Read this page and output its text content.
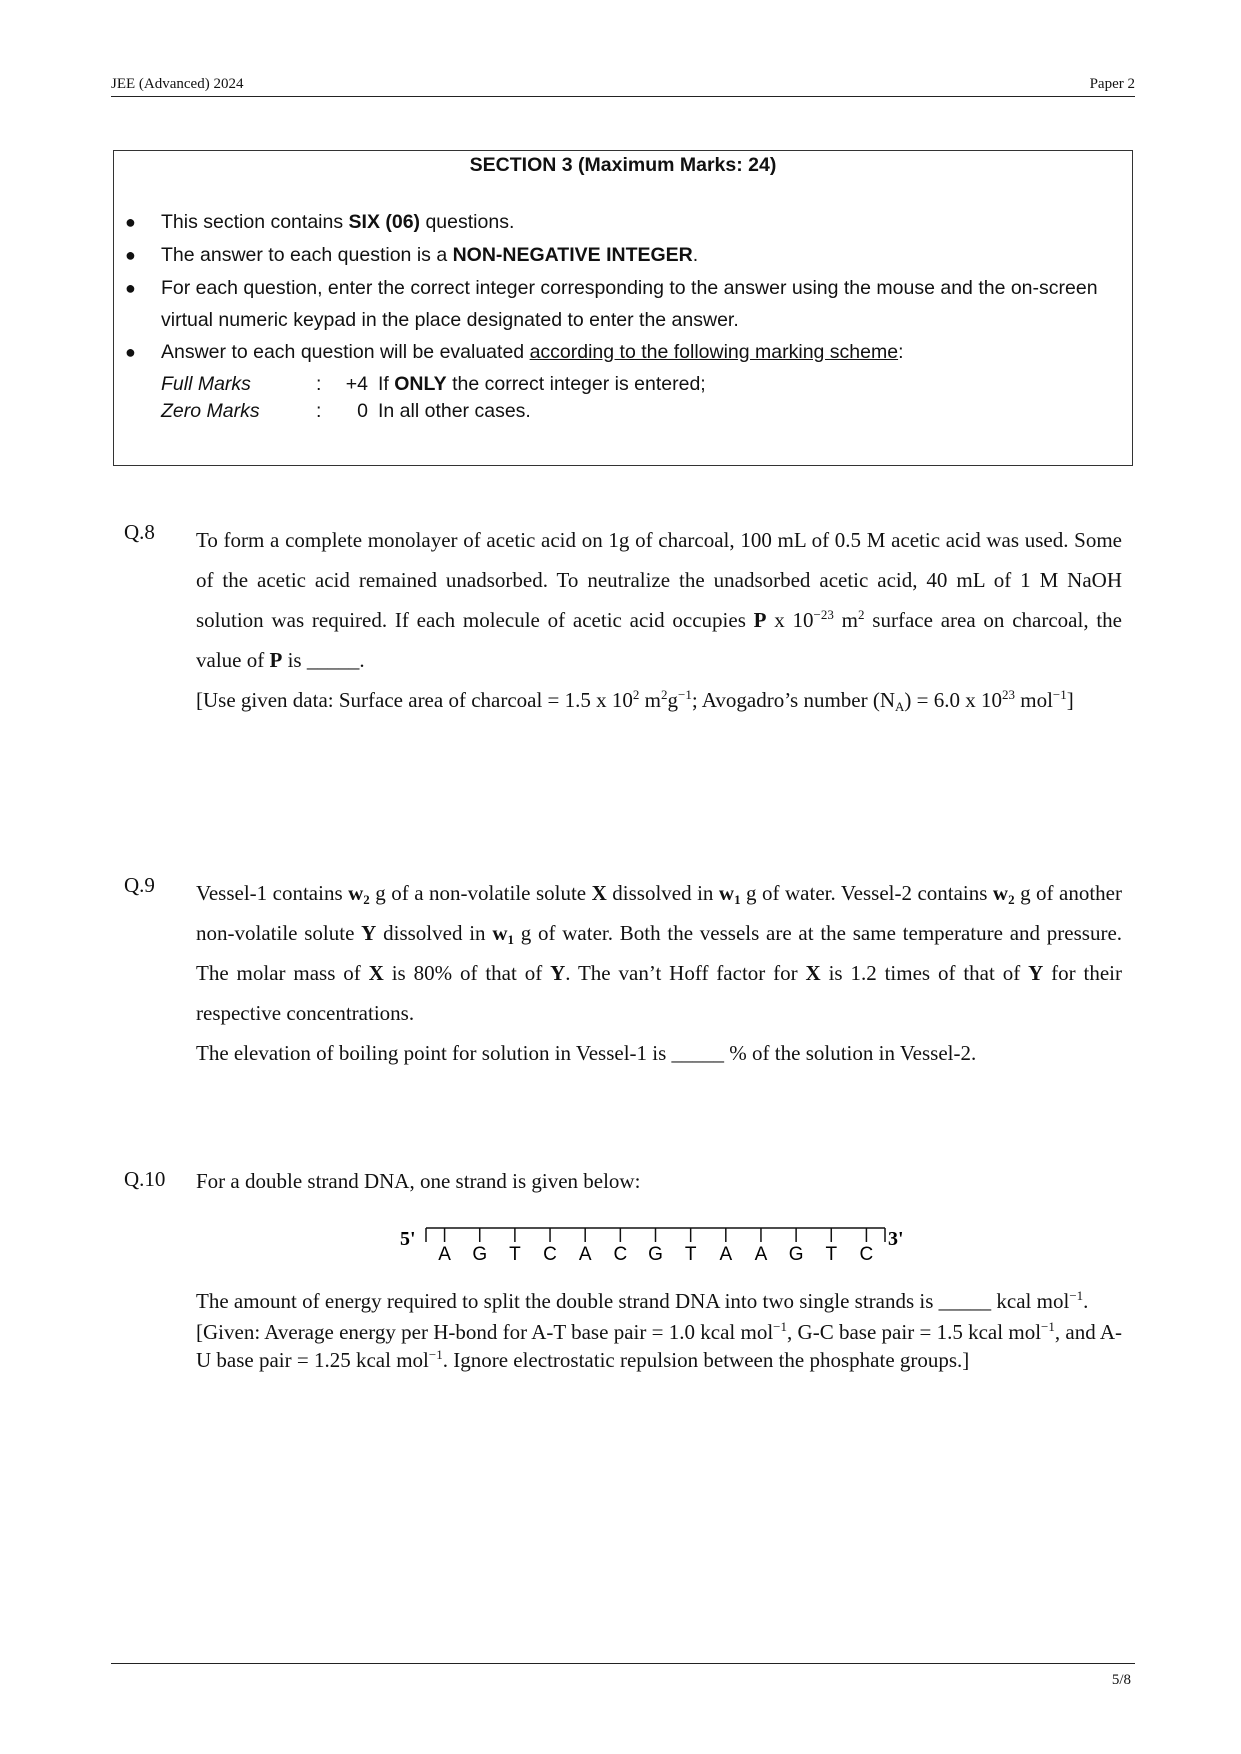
JEE (Advanced) 2024	Paper 2
SECTION 3 (Maximum Marks: 24)
● This section contains SIX (06) questions.
● The answer to each question is a NON-NEGATIVE INTEGER.
● For each question, enter the correct integer corresponding to the answer using the mouse and the on-screen virtual numeric keypad in the place designated to enter the answer.
● Answer to each question will be evaluated according to the following marking scheme:
Full Marks	:	+4 If ONLY the correct integer is entered;
Zero Marks	:	0 In all other cases.
Q.8 To form a complete monolayer of acetic acid on 1g of charcoal, 100 mL of 0.5 M acetic acid was used. Some of the acetic acid remained unadsorbed. To neutralize the unadsorbed acetic acid, 40 mL of 1 M NaOH solution was required. If each molecule of acetic acid occupies P x $10^{-23}$ $m^2$ surface area on charcoal, the value of P is _____.

[Use given data: Surface area of charcoal = 1.5 x $10^2$ $m^2g^{-1}$; Avogadro’s number $(N_A) = 6.0$ x $10^{23}$ mol$^{-1}$]

Q.9 Vessel-1 contains $w_2$ g of a non-volatile solute X dissolved in $w_1$ g of water. Vessel-2 contains $w_2$ g of another non-volatile solute Y dissolved in $w_1$ g of water. Both the vessels are at the same temperature and pressure. The molar mass of X is 80% of that of Y. The van’t Hoff factor for X is 1.2 times of that of Y for their respective concentrations.

The elevation of boiling point for solution in Vessel-1 is _____ % of the solution in Vessel-2.

Q.10 For a double strand DNA, one strand is given below:

5'	3'
A G T C A C G T A A G T C

The amount of energy required to split the double strand DNA into two single strands is _____ kcal mol$^{-1}$.

[Given: Average energy per H-bond for A-T base pair = 1.0 kcal mol$^{-1}$, G-C base pair = 1.5 kcal mol$^{-1}$, and A-U base pair = 1.25 kcal mol$^{-1}$. Ignore electrostatic repulsion between the phosphate groups.]

5/8
